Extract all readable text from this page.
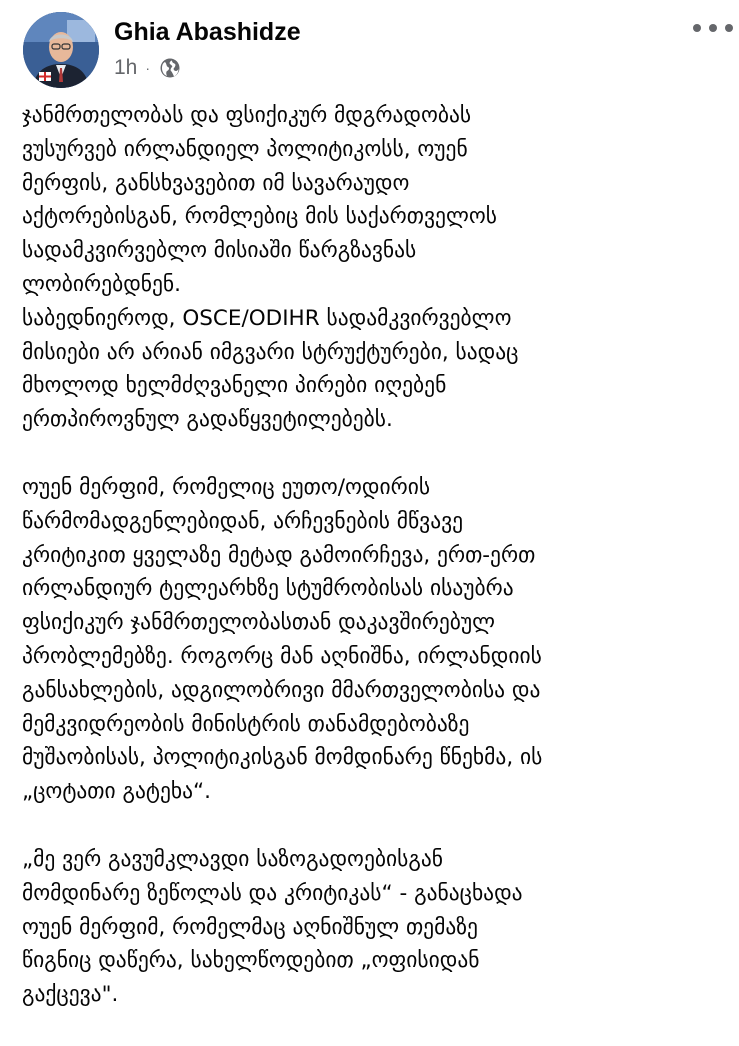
Ghia Abashidze
1h ·
ჯანმრთელობას და ფსიქიკურ მდგრადობას
ვუსურვებ ირლანდიელ პოლიტიკოსს, ოუენ
მერფის, განსხვავებით იმ სავარაუდო
აქტორებისგან, რომლებიც მის საქართველოს
სადამკვირვებლო მისიაში წარგზავნას
ლობირებდნენ.
საბედნიეროდ, OSCE/ODIHR სადამკვირვებლო
მისიები არ არიან იმგვარი სტრუქტურები, სადაც
მხოლოდ ხელმძღვანელი პირები იღებენ
ერთპიროვნულ გადაწყვეტილებებს.
ოუენ მერფიმ, რომელიც ეუთო/ოდირის
წარმომადგენლებიდან, არჩევნების მწვავე
კრიტიკით ყველაზე მეტად გამოირჩევა, ერთ-ერთ
ირლანდიურ ტელეარხზე სტუმრობისას ისაუბრა
ფსიქიკურ ჯანმრთელობასთან დაკავშირებულ
პრობლემებზე. როგორც მან აღნიშნა, ირლანდიის
განსახლების, ადგილობრივი მმართველობისა და
მემკვიდრეობის მინისტრის თანამდებობაზე
მუშაობისას, პოლიტიკისგან მომდინარე წნეხმა, ის
„ცოტათი გატეხა“.
„მე ვერ გავუმკლავდი საზოგადოებისგან
მომდინარე ზეწოლას და კრიტიკას“ - განაცხადა
ოუენ მერფიმ, რომელმაც აღნიშნულ თემაზე
წიგნიც დაწერა, სახელწოდებით „ოფისიდან
გაქცევა".
